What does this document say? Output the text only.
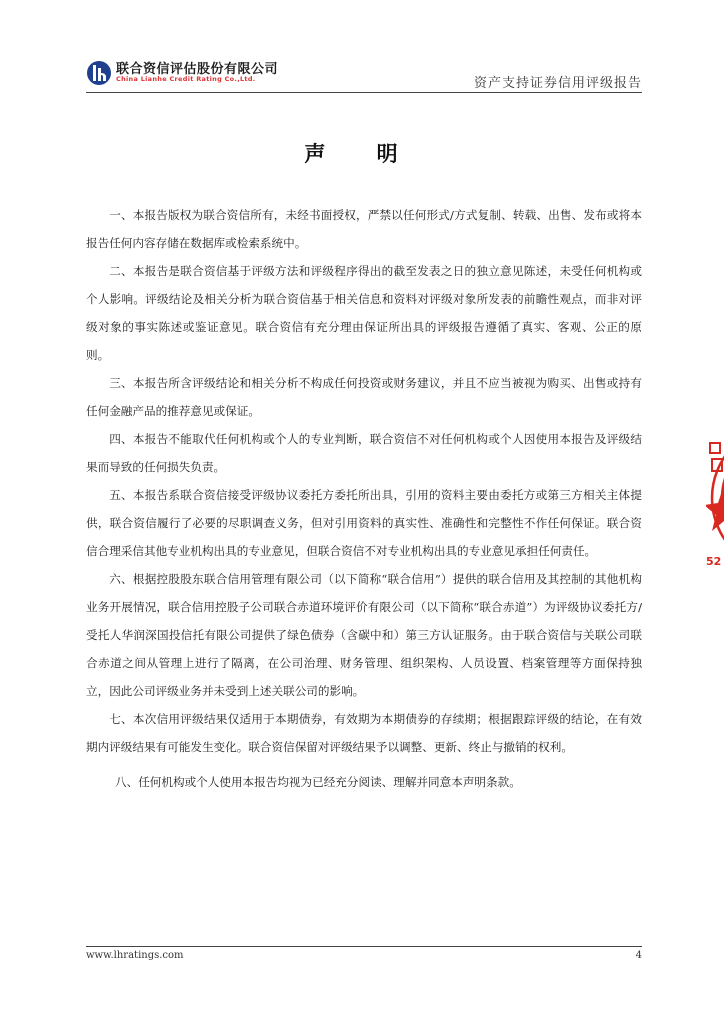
联合资信评估股份有限公司
China Lianhe Credit Rating Co.,Ltd.	资产支持证券信用评级报告
声 明

一、本报告版权为联合资信所有，未经书面授权，严禁以任何形式/方式复制、转载、出售、发布或将本报告任何内容存储在数据库或检索系统中。

二、本报告是联合资信基于评级方法和评级程序得出的截至发表之日的独立意见陈述，未受任何机构或个人影响。评级结论及相关分析为联合资信基于相关信息和资料对评级对象所发表的前瞻性观点，而非对评级对象的事实陈述或鉴证意见。联合资信有充分理由保证所出具的评级报告遵循了真实、客观、公正的原则。

三、本报告所含评级结论和相关分析不构成任何投资或财务建议，并且不应当被视为购买、出售或持有任何金融产品的推荐意见或保证。

四、本报告不能取代任何机构或个人的专业判断，联合资信不对任何机构或个人因使用本报告及评级结果而导致的任何损失负责。

五、本报告系联合资信接受评级协议委托方委托所出具，引用的资料主要由委托方或第三方相关主体提供，联合资信履行了必要的尽职调查义务，但对引用资料的真实性、准确性和完整性不作任何保证。联合资信合理采信其他专业机构出具的专业意见，但联合资信不对专业机构出具的专业意见承担任何责任。

六、根据控股股东联合信用管理有限公司（以下简称“联合信用”）提供的联合信用及其控制的其他机构业务开展情况，联合信用控股子公司联合赤道环境评价有限公司（以下简称“联合赤道”）为评级协议委托方/受托人华润深国投信托有限公司提供了绿色债券（含碳中和）第三方认证服务。由于联合资信与关联公司联合赤道之间从管理上进行了隔离，在公司治理、财务管理、组织架构、人员设置、档案管理等方面保持独立，因此公司评级业务并未受到上述关联公司的影响。

七、本次信用评级结果仅适用于本期债券，有效期为本期债券的存续期；根据跟踪评级的结论，在有效期内评级结果有可能发生变化。联合资信保留对评级结果予以调整、更新、终止与撤销的权利。

八、任何机构或个人使用本报告均视为已经充分阅读、理解并同意本声明条款。

52
www.lhratings.com	4
